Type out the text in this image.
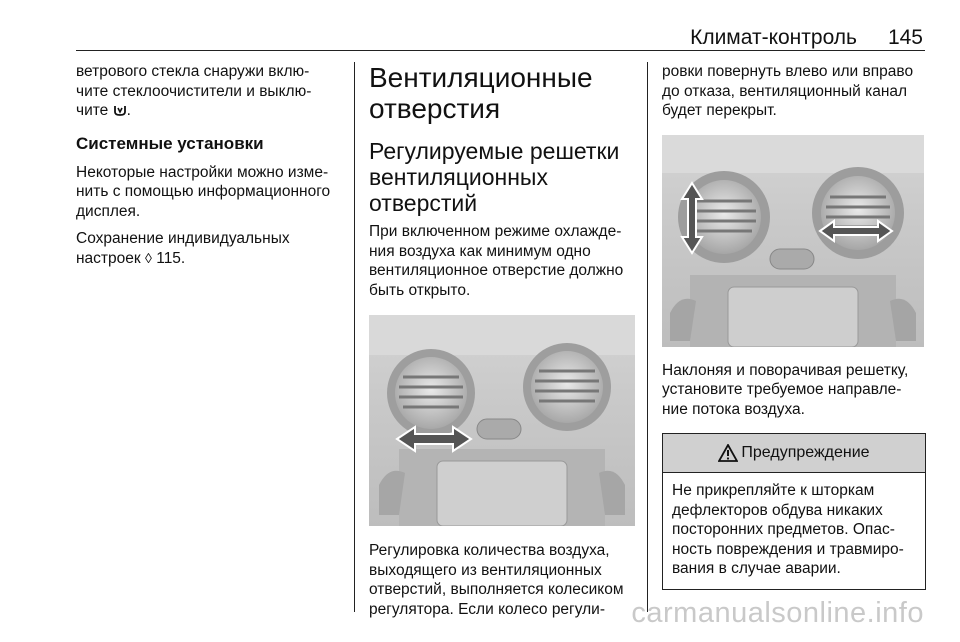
Климат-контроль 145

ветрового стекла снаружи вклю-
чите стеклоочистители и выклю-
чите .

Системные установки

Некоторые настройки можно изме-
нить с помощью информационного
дисплея.

Сохранение индивидуальных
настроек ◊ 115.

Вентиляционные
отверстия
Регулируемые решетки
вентиляционных
отверстий

При включенном режиме охлажде-
ния воздуха как минимум одно
вентиляционное отверстие должно
быть открыто.

Регулировка количества воздуха,
выходящего из вентиляционных
отверстий, выполняется колесиком
регулятора. Если колесо регули-

ровки повернуть влево или вправо
до отказа, вентиляционный канал
будет перекрыт.

Наклоняя и поворачивая решетку,
установите требуемое направле-
ние потока воздуха.

Предупреждение

Не прикрепляйте к шторкам
дефлекторов обдува никаких
посторонних предметов. Опас-
ность повреждения и травмиро-
вания в случае аварии.

carmanualsonline.info
